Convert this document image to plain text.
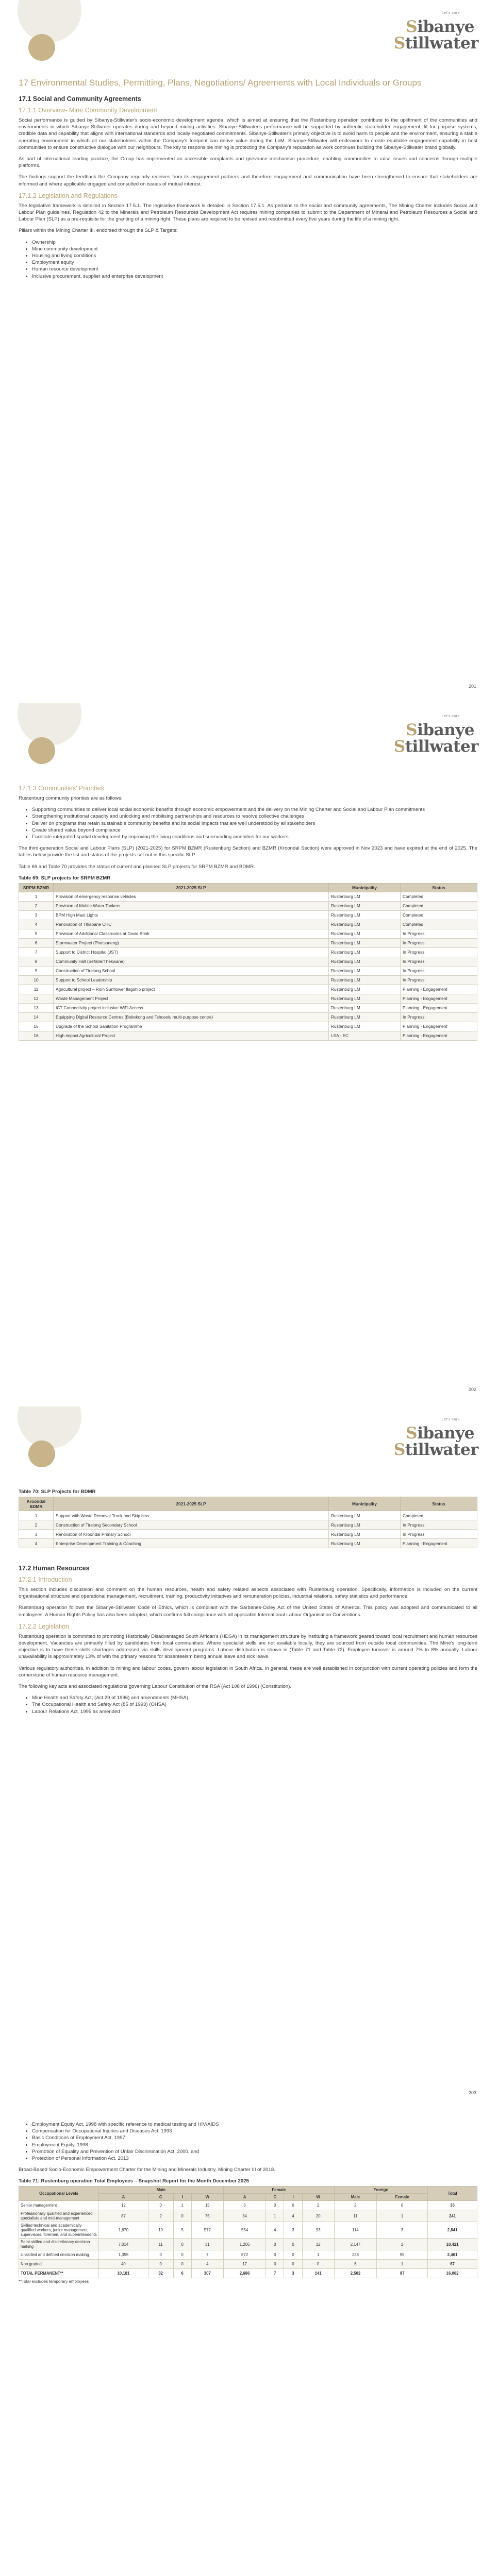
Let's care
Sibanye
Stillwater
17 Environmental Studies, Permitting, Plans, Negotiations/ Agreements with Local Individuals or Groups
17.1 Social and Community Agreements
17.1.1 Overview- Mine Community Development

Social performance is guided by Sibanye-Stillwater's socio-economic development agenda, which is aimed at ensuring that the Rustenburg operation contribute to the upliftment of the communities and environments in which Sibanye-Stillwater operates during and beyond mining activities. Sibanye-Stillwater's performance will be supported by authentic stakeholder engagement, fit for purpose systems, credible data and capability that aligns with international standards and locally negotiated commitments. Sibanye-Stillwater's primary objective is to avoid harm to people and the environment, ensuring a stable operating environment in which all our stakeholders within the Company's footprint can derive value during the LoM. Sibanye-Stillwater will endeavour to create equitable engagement capability in host communities to ensure constructive dialogue with our neighbours. The key to responsible mining is protecting the Company's reputation as work continues building the Sibanye-Stillwater brand globally.

As part of international leading practice, the Group has implemented an accessible complaints and grievance mechanism procedure, enabling communities to raise issues and concerns through multiple platforms.

The findings support the feedback the Company regularly receives from its engagement partners and therefore engagement and communication have been strengthened to ensure that stakeholders are informed and where applicable engaged and consulted on issues of mutual interest.

17.1.2 Legislation and Regulations

The legislative framework is detailed in Section 17.5.1. The legislative framework is detailed in Section 17.5.1. As pertains to the social and community agreements, The Mining Charter includes Social and Labour Plan guidelines. Regulation 42 to the Minerals and Petroleum Resources Development Act requires mining companies to submit to the Department of Mineral and Petroleum Resources a Social and Labour Plan (SLP) as a pre-requisite for the granting of a mining right. These plans are required to be revised and resubmitted every five years during the life of a mining right.

Pillars within the Mining Charter III, endorsed through the SLP & Targets:

• Ownership
• Mine community development
• Housing and living conditions
• Employment equity
• Human resource development
• Inclusive procurement, supplier and enterprise development
201
Let's care
Sibanye
Stillwater
17.1.3 Communities' Priorities

Rustenburg community priorities are as follows:

• Supporting communities to deliver local social economic benefits through economic empowerment and the delivery on the Mining Charter and Social and Labour Plan commitments
• Strengthening institutional capacity and unlocking and mobilising partnerships and resources to resolve collective challenges
• Deliver on programs that retain sustainable community benefits and its social impacts that are well understood by all stakeholders
• Create shared value beyond compliance
• Facilitate integrated spatial development by improving the living conditions and surrounding amenities for our workers.

The third-generation Social and Labour Plans (SLP) (2021-2025) for SRPM BZMR (Rustenburg Section) and BZMR (Kroondal Section) were approved in Nov 2023 and have expired at the end of 2025. The tables below provide the list and status of the projects set out in this specific SLP.

Table 69 and Table 70 provides the status of current and planned SLP projects for SRPM BZMR and BDMR.

Table 69: SLP projects for SRPM BZMR
SRPM BZMR	2021-2025 SLP	Municipality	Status
1	Provision of emergency response vehicles	Rustenburg LM	Completed
2	Provision of Mobile Water Tankers	Rustenburg LM	Completed
3	BPM High Mast Lights	Rustenburg LM	Completed
4	Renovation of Tlhabane CHC	Rustenburg LM	Completed
5	Provision of Additional Classrooms at David Brink	Rustenburg LM	In Progress
6	Stormwater Project (Photsaneng)	Rustenburg LM	In Progress
7	Support to District Hospital (JST)	Rustenburg LM	In Progress
8	Community Hall (Sefikile/Thekwane)	Rustenburg LM	In Progress
9	Construction of Tirelong School	Rustenburg LM	In Progress
10	Support to School Leadership	Rustenburg LM	In Progress
11	Agricultural project – Roin Sunflower flagship project	Rustenburg LM	Planning - Engagement
12	Waste Management Project	Rustenburg LM	Planning - Engagement
13	ICT Connectivity project inclusive WiFi Access	Rustenburg LM	Planning - Engagement
14	Equipping Digital Resource Centres (Boitekong and Tshosolu multi-purpose centre)	Rustenburg LM	In Progress
15	Upgrade of the School Sanitation Programme	Rustenburg LM	Planning - Engagement
16	High impact Agricultural Project	LSA - EC	Planning - Engagement
202
Let's care
Sibanye
Stillwater
Table 70: SLP Projects for BDMR
Kroondal BDMR	2021-2025 SLP	Municipality	Status
1	Support with Waste Removal Truck and Skip bins	Rustenburg LM	Completed
2	Construction of Tirelong Secondary School	Rustenburg LM	In Progress
3	Renovation of Kroondal Primary School	Rustenburg LM	In Progress
4	Enterprise Development Training & Coaching	Rustenburg LM	Planning - Engagement
17.2 Human Resources
17.2.1 Introduction

This section includes discussion and comment on the human resources, health and safety related aspects associated with Rustenburg operation. Specifically, information is included on the current organisational structure and operational management, recruitment, training, productivity initiatives and remuneration policies, industrial relations, safety statistics and performance.

Rustenburg operation follows the Sibanye-Stillwater Code of Ethics, which is compliant with the Sarbanes-Oxley Act of the United States of America. This policy was adopted and communicated to all employees. A Human Rights Policy has also been adopted, which confirms full compliance with all applicable International Labour Organisation Conventions.

17.2.2 Legislation

Rustenburg operation is committed to promoting Historically Disadvantaged South African's (HDSA) in its management structure by instituting a framework geared toward local recruitment and human resources development. Vacancies are primarily filled by candidates from local communities. Where specialist skills are not available locally, they are sourced from outside local communities. The Mine's long-term objective is to have these skills shortages addressed via skills development programs. Labour distribution is shown in (Table 71 and Table 72). Employee turnover is around 7% to 8% annually. Labour unavailability is approximately 13% of with the primary reasons for absenteeism being annual leave and sick leave.

Various regulatory authorities, in addition to mining and labour codes, govern labour legislation in South Africa. In general, these are well established in conjunction with current operating policies and form the cornerstone of human resource management.

The following key acts and associated regulations governing Labour Constitution of the RSA (Act 108 of 1996) (Constitution).

• Mine Health and Safety Act, (Act 29 of 1996) and amendments (MHSA)
• The Occupational Health and Safety Act (85 of 1993) (OHSA)
• Labour Relations Act, 1995 as amended
203
• Employment Equity Act, 1998 with specific reference to medical testing and HIV/AIDS
• Compensation for Occupational Injuries and Diseases Act, 1993
• Basic Conditions of Employment Act, 1997
• Employment Equity, 1998
• Promotion of Equality and Prevention of Unfair Discrimination Act, 2000, and
• Protection of Personal Information Act, 2013

Broad-Based Socio-Economic Empowerment Charter for the Mining and Minerals Industry, Mining Charter III of 2018.

Table 71: Rustenburg operation Total Employees – Snapshot Report for the Month December 2025
Occupational Levels	Male				Female				Foreign		Total
	A	C	I	W	A	C	I	W	Male	Female	
Senior management	12	0	1	15	3	0	0	2	2	0	35
Professionally qualified and experienced specialists and mid-management	87	2	0	75	34	1	4	20	11	1	241
Skilled technical and academically qualified workers, junior management, supervisors, foremen, and superintendents	1,670	19	5	577	554	4	3	93	114	3	2,841
Semi-skilled and discretionary decision making	7,014	11	0	31	1,206	0	0	12	2,147	2	10,421
Unskilled and defined decision making	1,355	0	0	7	872	0	0	1	228	95	2,461
Non graded	40	0	0	4	17	0	0	0	6	1	67
TOTAL PERMANENT**	10,181	32	6	307	2,686	7	3	141	2,502	97	16,062
**Total excludes temporary employees
